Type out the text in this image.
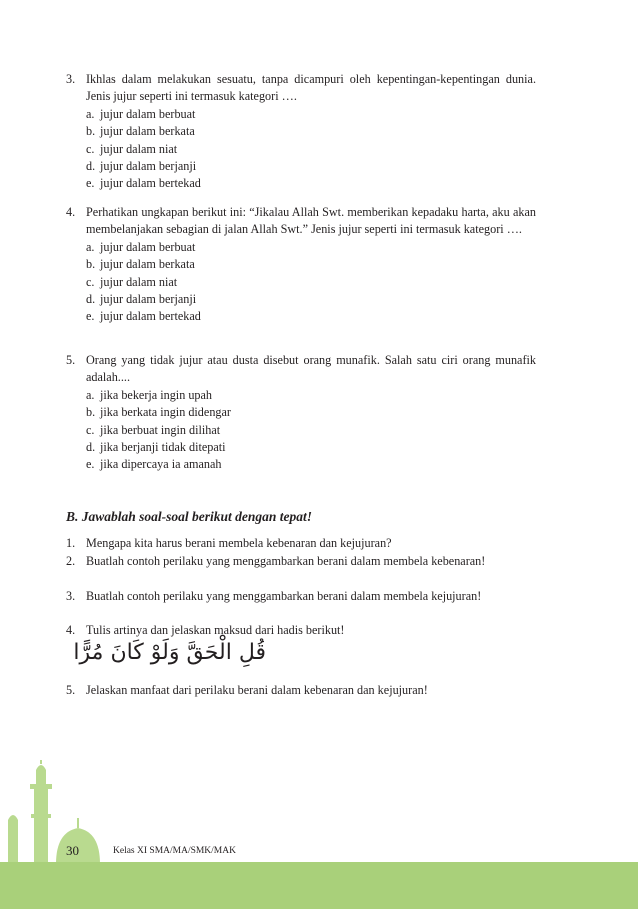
3. Ikhlas dalam melakukan sesuatu, tanpa dicampuri oleh kepentingan-kepentingan dunia. Jenis jujur seperti ini termasuk kategori ….
a. jujur dalam berbuat
b. jujur dalam berkata
c. jujur dalam niat
d. jujur dalam berjanji
e. jujur dalam bertekad
4. Perhatikan ungkapan berikut ini: “Jikalau Allah Swt. memberikan kepadaku harta, aku akan membelanjakan sebagian di jalan Allah Swt.” Jenis jujur seperti ini termasuk kategori ….
a. jujur dalam berbuat
b. jujur dalam berkata
c. jujur dalam niat
d. jujur dalam berjanji
e. jujur dalam bertekad
5. Orang yang tidak jujur atau dusta disebut orang munafik. Salah satu ciri orang munafik adalah....
a. jika bekerja ingin upah
b. jika berkata ingin didengar
c. jika berbuat ingin dilihat
d. jika berjanji tidak ditepati
e. jika dipercaya ia amanah
B. Jawablah soal-soal berikut dengan tepat!
1. Mengapa kita harus berani membela kebenaran dan kejujuran?
2. Buatlah contoh perilaku yang menggambarkan berani dalam membela kebenaran!
3. Buatlah contoh perilaku yang menggambarkan berani dalam membela kejujuran!
4. Tulis artinya dan jelaskan maksud dari hadis berikut!
قُلِ الْحَقَّ وَلَوْ كَانَ مُرًّا
5. Jelaskan manfaat dari perilaku berani dalam kebenaran dan kejujuran!
30	Kelas XI SMA/MA/SMK/MAK
